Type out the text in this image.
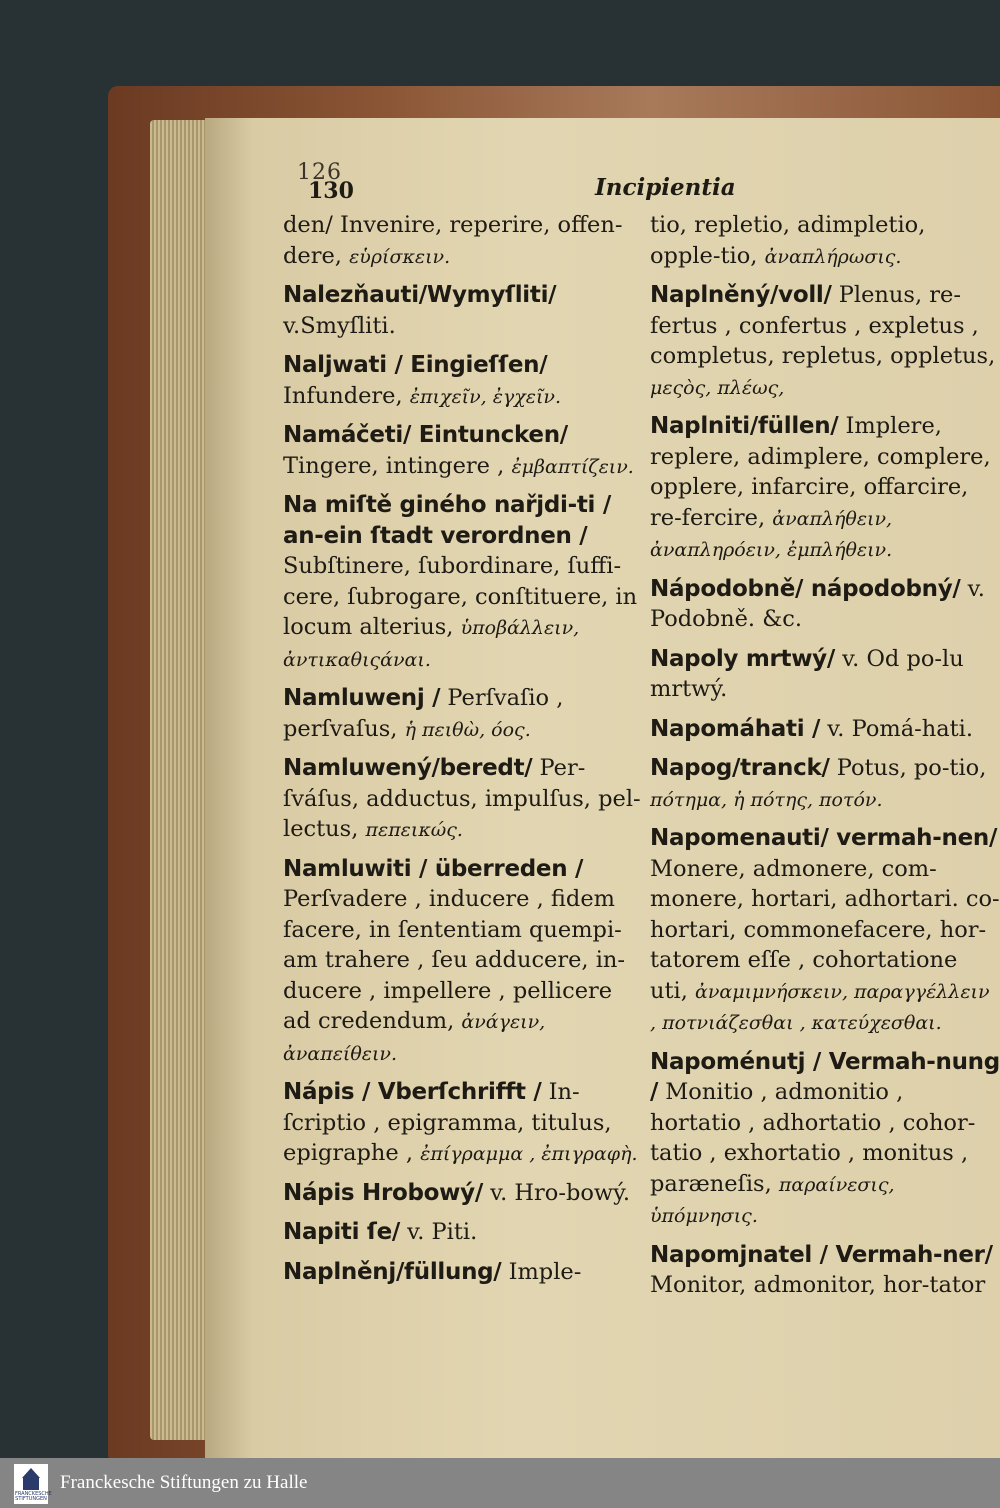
126
130	Incipientia
den/ Invenire, reperire, offen-dere, εὑρίσκειν.
Nalezňauti/Wymyſliti/ v.Smyſliti.
Naljwati / Eingieſſen/ Infundere, ἐπιχεῖν, ἐγχεῖν.
Namáčeti/ Eintuncken/ Tingere, intingere , ἐμβαπτίζειν.
Na miſtě giného nařjdi-ti / an-ein ſtadt verordnen / Subſtinere, ſubordinare, ſuffi-cere, ſubrogare, conſtituere, in locum alterius, ὑποβάλλειν, ἀντικαθιςάναι.
Namluwenj / Perſvaſio , perſvaſus, ἡ πειθὼ, όος.
Namluwený/beredt/ Per-ſváſus, adductus, impulſus, pel-lectus, πεπεικώς.
Namluwiti / überreden / Perſvadere , inducere , fidem facere, in ſententiam quempi-am trahere , ſeu adducere, in-ducere , impellere , pellicere ad credendum, ἀνάγειν, ἀναπείθειν.
Nápis / Vberſchrifft / In-ſcriptio , epigramma, titulus, epigraphe , ἐπίγραμμα , ἐπιγραφὴ.
Nápis Hrobowý/ v. Hro-bowý.
Napiti ſe/ v. Piti.
Naplněnj/füllung/ Imple-
tio, repletio, adimpletio, opple-tio, ἀναπλήρωσις.
Naplněný/voll/ Plenus, re-fertus , confertus , expletus , completus, repletus, oppletus, μεςὸς, πλέως,
Naplniti/füllen/ Implere, replere, adimplere, complere, opplere, infarcire, offarcire, re-fercire, ἀναπλήθειν, ἀναπληρόειν, ἐμπλήθειν.
Nápodobně/ nápodobný/ v. Podobně. &c.
Napoly mrtwý/ v. Od po-lu mrtwý.
Napomáhati / v. Pomá-hati.
Napog/tranck/ Potus, po-tio, πότημα, ἡ πότης, ποτόν.
Napomenauti/ vermah-nen/ Monere, admonere, com-monere, hortari, adhortari. co-hortari, commonefacere, hor-tatorem eſſe , cohortatione uti, ἀναμιμνήσκειν, παραγγέλλειν , ποτνιάζεσθαι , κατεύχεσθαι.
Napoménutj / Vermah-nung / Monitio , admonitio , hortatio , adhortatio , cohor-tatio , exhortatio , monitus , paræneſis, παραίνεσις, ὑπόμνησις.
Napomjnatel / Vermah-ner/ Monitor, admonitor, hor-tator
FRANCKESCHE STIFTUNGEN
Franckesche Stiftungen zu Halle
